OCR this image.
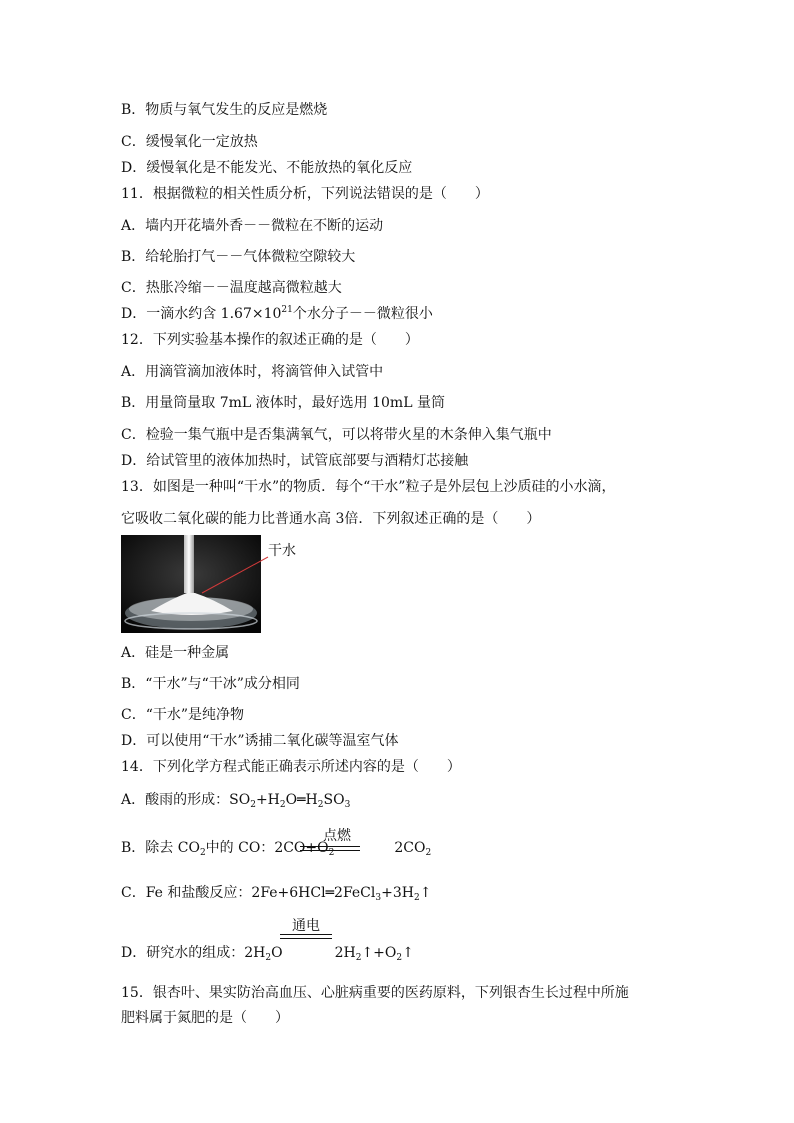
B．物质与氧气发生的反应是燃烧
C．缓慢氧化一定放热
D．缓慢氧化是不能发光、不能放热的氧化反应
11．根据微粒的相关性质分析，下列说法错误的是（　　）
A．墙内开花墙外香－－微粒在不断的运动
B．给轮胎打气－－气体微粒空隙较大
C．热胀冷缩－－温度越高微粒越大
D．一滴水约含 $1.67\times 10^{21}$个水分子－－微粒很小
12．下列实验基本操作的叙述正确的是（　　）
A．用滴管滴加液体时，将滴管伸入试管中
B．用量筒量取 7mL 液体时，最好选用 10mL 量筒
C．检验一集气瓶中是否集满氧气，可以将带火星的木条伸入集气瓶中
D．给试管里的液体加热时，试管底部要与酒精灯芯接触
13．如图是一种叫“干水”的物质．每个“干水”粒子是外层包上沙质硅的小水滴，
它吸收二氧化碳的能力比普通水高 3倍．下列叙述正确的是（　　）
干水
A．硅是一种金属
B．“干水”与“干冰”成分相同
C．“干水”是纯净物
D．可以使用“干水”诱捕二氧化碳等温室气体
14．下列化学方程式能正确表示所述内容的是（　　）
A．酸雨的形成：$SO_2+H_2O═H_2SO_3$
点燃
B．除去 $CO_2$中的 CO：$2CO+O_2$	$2CO_2$
C．Fe 和盐酸反应：$2Fe+6HCl═2FeCl_3+3H_2↑$
通电
D．研究水的组成：$2H_2O$	$2H_2↑+O_2↑$
15．银杏叶、果实防治高血压、心脏病重要的医药原料，下列银杏生长过程中所施
肥料属于氮肥的是（　　）
